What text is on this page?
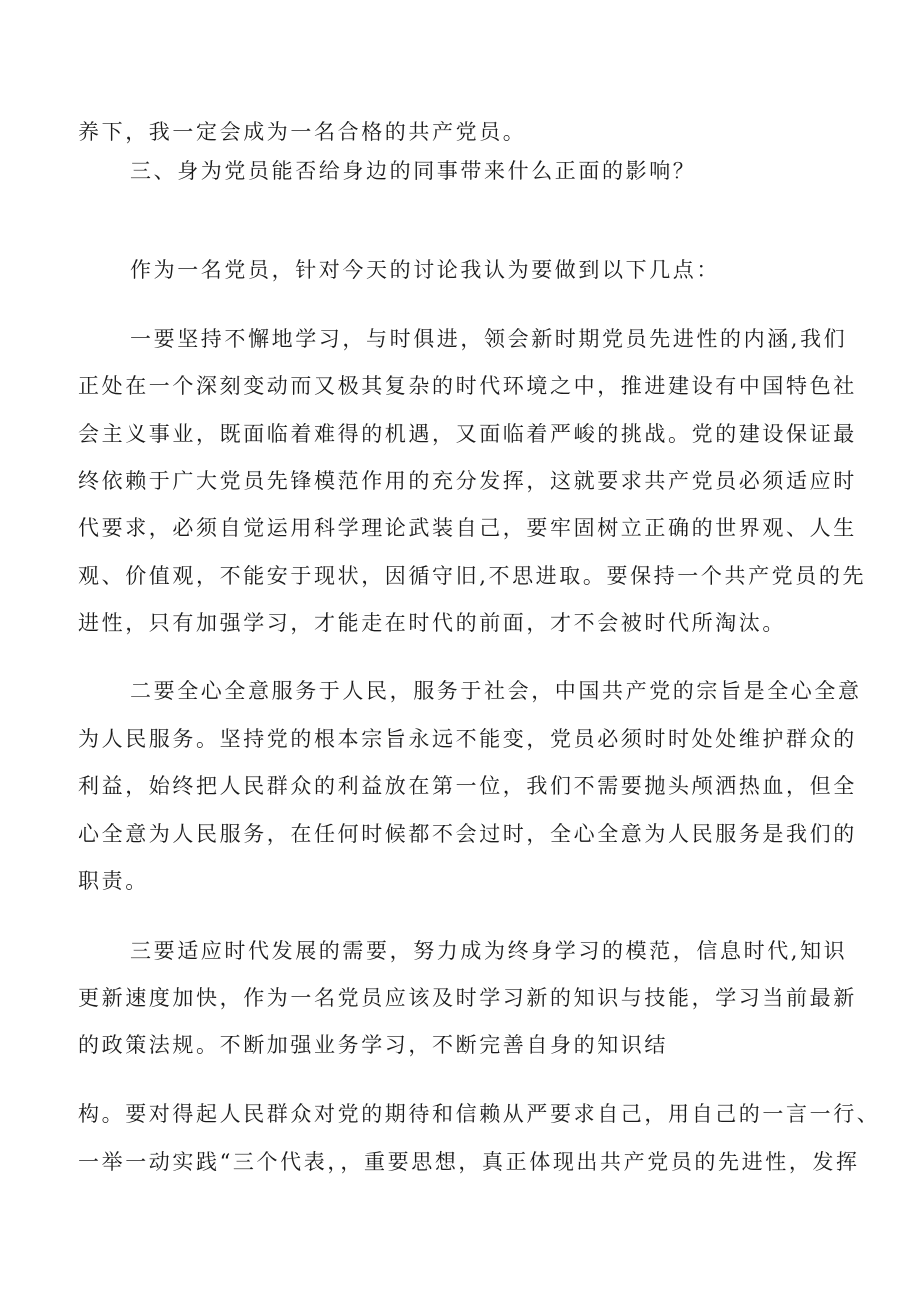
养下，我一定会成为一名合格的共产党员。
三、身为党员能否给身边的同事带来什么正面的影响？
作为一名党员，针对今天的讨论我认为要做到以下几点：
一要坚持不懈地学习，与时俱进，领会新时期党员先进性的内涵,我们
正处在一个深刻变动而又极其复杂的时代环境之中，推进建设有中国特色社
会主义事业，既面临着难得的机遇，又面临着严峻的挑战。党的建设保证最
终依赖于广大党员先锋模范作用的充分发挥，这就要求共产党员必须适应时
代要求，必须自觉运用科学理论武装自己，要牢固树立正确的世界观、人生
观、价值观，不能安于现状，因循守旧,不思进取。要保持一个共产党员的先
进性，只有加强学习，才能走在时代的前面，才不会被时代所淘汰。
二要全心全意服务于人民，服务于社会，中国共产党的宗旨是全心全意
为人民服务。坚持党的根本宗旨永远不能变，党员必须时时处处维护群众的
利益，始终把人民群众的利益放在第一位，我们不需要抛头颅洒热血，但全
心全意为人民服务，在任何时候都不会过时，全心全意为人民服务是我们的
职责。
三要适应时代发展的需要，努力成为终身学习的模范，信息时代,知识
更新速度加快，作为一名党员应该及时学习新的知识与技能，学习当前最新
的政策法规。不断加强业务学习，不断完善自身的知识结
构。要对得起人民群众对党的期待和信赖从严要求自己，用自己的一言一行、
一举一动实践“三个代表，，重要思想，真正体现出共产党员的先进性，发挥
